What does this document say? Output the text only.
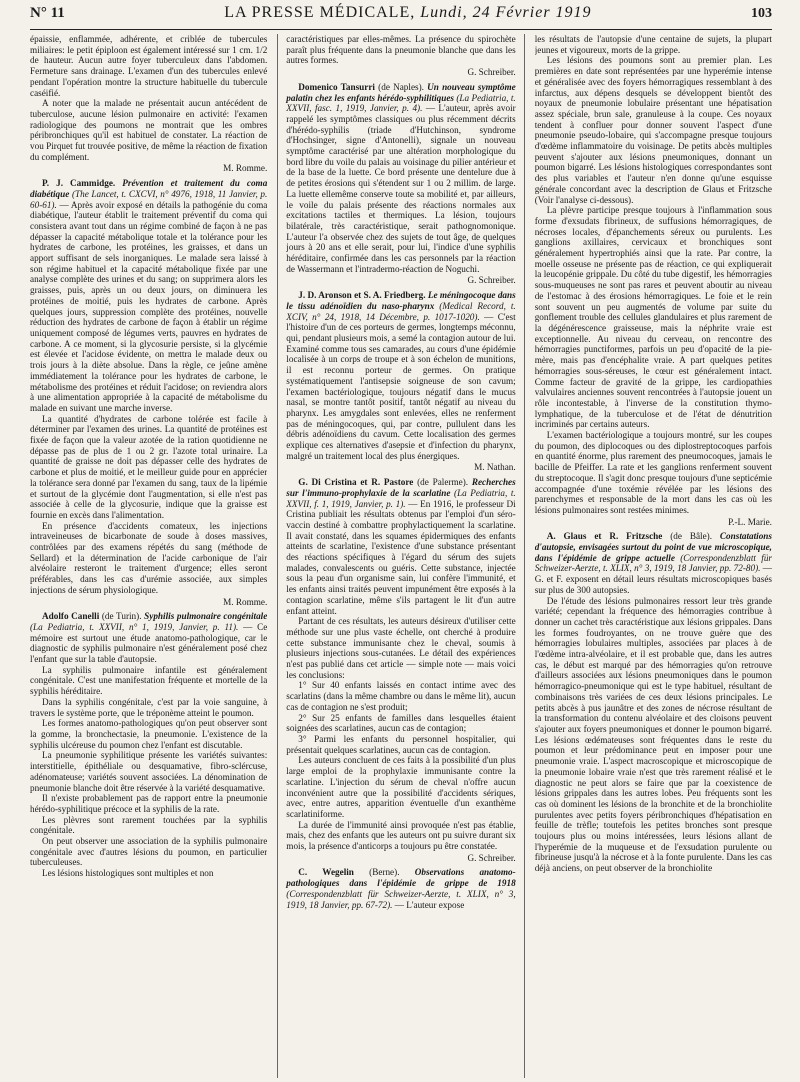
N° 11	LA PRESSE MÉDICALE, Lundi, 24 Février 1919	103

épaissie, enflammée, adhérente, et criblée de tubercules miliaires: le petit épiploon est également intéressé sur 1 cm. 1/2 de hauteur. Aucun autre foyer tuberculeux dans l'abdomen. Fermeture sans drainage. L'examen d'un des tubercules enlevé pendant l'opération montre la structure habituelle du tubercule caséifié.

A noter que la malade ne présentait aucun antécédent de tuberculose, aucune lésion pulmonaire en activité: l'examen radiologique des poumons ne montrait que les ombres péribronchiques qu'il est habituel de constater. La réaction de vou Pirquet fut trouvée positive, de même la réaction de fixation du complément.

M. Romme.

P. J. Cammidge. Prévention et traitement du coma diabétique (The Lancet, t. CXCVI, n° 4976, 1918, 11 Janvier, p. 60-61). — Après avoir exposé en détails la pathogénie du coma diabétique, l'auteur établit le traitement préventif du coma qui consistera avant tout dans un régime combiné de façon à ne pas dépasser la capacité métabolique totale et la tolérance pour les hydrates de carbone, les protéines, les graisses, et dans un apport suffisant de sels inorganiques. Le malade sera laissé à son régime habituel et la capacité métabolique fixée par une analyse complète des urines et du sang; on supprimera alors les graisses, puis, après un ou deux jours, on diminuera les protéines de moitié, puis les hydrates de carbone. Après quelques jours, suppression complète des protéines, nouvelle réduction des hydrates de carbone de façon à établir un régime uniquement composé de légumes verts, pauvres en hydrates de carbone. A ce moment, si la glycosurie persiste, si la glycémie est élevée et l'acidose évidente, on mettra le malade deux ou trois jours à la diète absolue. Dans la règle, ce jeûne amène immédiatement la tolérance pour les hydrates de carbone, le métabolisme des protéines et réduit l'acidose; on reviendra alors à une alimentation appropriée à la capacité de métabolisme du malade en suivant une marche inverse.

La quantité d'hydrates de carbone tolérée est facile à déterminer par l'examen des urines. La quantité de protéines est fixée de façon que la valeur azotée de la ration quotidienne ne dépasse pas de plus de 1 ou 2 gr. l'azote total urinaire. La quantité de graisse ne doit pas dépasser celle des hydrates de carbone et plus de moitié, et le meilleur guide pour en apprécier la tolérance sera donné par l'examen du sang, taux de la lipémie et surtout de la glycémie dont l'augmentation, si elle n'est pas associée à celle de la glycosurie, indique que la graisse est fournie en excès dans l'alimentation.

En présence d'accidents comateux, les injections intraveineuses de bicarbonate de soude à doses massives, contrôlées par des examens répétés du sang (méthode de Sellard) et la détermination de l'acide carbonique de l'air alvéolaire resteront le traitement d'urgence; elles seront préférables, dans les cas d'urémie associée, aux simples injections de sérum physiologique.

M. Romme.

Adolfo Canelli (de Turin). Syphilis pulmonaire congénitale (La Pediatria, t. XXVII, n° 1, 1919, Janvier, p. 11). — Ce mémoire est surtout une étude anatomo-pathologique, car le diagnostic de syphilis pulmonaire n'est généralement posé chez l'enfant que sur la table d'autopsie.

La syphilis pulmonaire infantile est généralement congénitale. C'est une manifestation fréquente et mortelle de la syphilis héréditaire.

Dans la syphilis congénitale, c'est par la voie sanguine, à travers le système porte, que le tréponème atteint le poumon.

Les formes anatomo-pathologiques qu'on peut observer sont la gomme, la bronchectasie, la pneumonie. L'existence de la syphilis ulcéreuse du poumon chez l'enfant est discutable.

La pneumonie syphilitique présente les variétés suivantes: interstitielle, épithéliale ou desquamative, fibro-sclércuse, adénomateuse; variétés souvent associées. La dénomination de pneumonie blanche doit être réservée à la variété desquamative.

Il n'existe probablement pas de rapport entre la pneumonie hérédo-syphilitique précoce et la syphilis de la rate.

Les plèvres sont rarement touchées par la syphilis congénitale.

On peut observer une association de la syphilis pulmonaire congénitale avec d'autres lésions du poumon, en particulier tuberculeuses.

Les lésions histologiques sont multiples et non

caractéristiques par elles-mêmes. La présence du spirochète paraît plus fréquente dans la pneumonie blanche que dans les autres formes.

G. Schreiber.

Domenico Tansurri (de Naples). Un nouveau symptôme palatin chez les enfants hérédo-syphilitiques (La Pediatria, t. XXVII, fasc. 1, 1919, Janvier, p. 4). — L'auteur, après avoir rappelé les symptômes classiques ou plus récemment décrits d'hérédo-syphilis (triade d'Hutchinson, syndrome d'Hochsinger, signe d'Antonelli), signale un nouveau symptôme caractérisé par une altération morphologique du bord libre du voile du palais au voisinage du pilier antérieur et de la base de la luette. Ce bord présente une dentelure due à de petites érosions qui s'étendent sur 1 ou 2 millim. de large. La luette ellemême conserve toute sa mobilité et, par ailleurs, le voile du palais présente des réactions normales aux excitations tactiles et thermiques. La lésion, toujours bilatérale, très caractéristique, serait pathognomonique. L'auteur l'a observée chez des sujets de tout âge, de quelques jours à 20 ans et elle serait, pour lui, l'indice d'une syphilis héréditaire, confirmée dans les cas personnels par la réaction de Wassermann et l'intradermo-réaction de Noguchi.

G. Schreiber.

J. D. Aronson et S. A. Friedberg. Le méningocoque dans le tissu adénoïdien du naso-pharynx (Medical Record, t. XCIV, n° 24, 1918, 14 Décembre, p. 1017-1020). — C'est l'histoire d'un de ces porteurs de germes, longtemps méconnu, qui, pendant plusieurs mois, a semé la contagion autour de lui. Examiné comme tous ses camarades, au cours d'une épidémie localisée à un corps de troupe et à son échelon de munitions, il est reconnu porteur de germes. On pratique systématiquement l'antisepsie soigneuse de son cavum; l'examen bactériologique, toujours négatif dans le mucus nasal, se montre tantôt positif, tantôt négatif au niveau du pharynx. Les amygdales sont enlevées, elles ne renferment pas de méningocoques, qui, par contre, pullulent dans les débris adénoïdiens du cavum. Cette localisation des germes explique ces alternatives d'asepsie et d'infection du pharynx, malgré un traitement local des plus énergiques.

M. Nathan.

G. Di Cristina et R. Pastore (de Palerme). Recherches sur l'immuno-prophylaxie de la scarlatine (La Pediatria, t. XXVII, f. 1, 1919, Janvier, p. 1). — En 1916, le professeur Di Cristina publiait les résultats obtenus par l'emploi d'un séro-vaccin destiné à combattre prophylactiquement la scarlatine. Il avait constaté, dans les squames épidermiques des enfants atteints de scarlatine, l'existence d'une substance présentant des réactions spécifiques à l'égard du sérum des sujets malades, convalescents ou guéris. Cette substance, injectée sous la peau d'un organisme sain, lui confère l'immunité, et les enfants ainsi traités peuvent impunément être exposés à la contagion scarlatine, même s'ils partagent le lit d'un autre enfant atteint.

Partant de ces résultats, les auteurs désireux d'utiliser cette méthode sur une plus vaste échelle, ont cherché à produire cette substance immunisante chez le cheval, soumis à plusieurs injections sous-cutanées. Le détail des expériences n'est pas publié dans cet article — simple note — mais voici les conclusions:

1° Sur 40 enfants laissés en contact intime avec des scarlatins (dans la même chambre ou dans le même lit), aucun cas de contagion ne s'est produit;

2° Sur 25 enfants de familles dans lesquelles étaient soignées des scarlatines, aucun cas de contagion;

3° Parmi les enfants du personnel hospitalier, qui présentait quelques scarlatines, aucun cas de contagion.

Les auteurs concluent de ces faits à la possibilité d'un plus large emploi de la prophylaxie immunisante contre la scarlatine. L'injection du sérum de cheval n'offre aucun inconvénient autre que la possibilité d'accidents sériques, avec, entre autres, apparition éventuelle d'un exanthème scarlatiniforme.

La durée de l'immunité ainsi provoquée n'est pas établie, mais, chez des enfants que les auteurs ont pu suivre durant six mois, la présence d'anticorps a toujours pu être constatée.

G. Schreiber.

C. Wegelin (Berne). Observations anatomo-pathologiques dans l'épidémie de grippe de 1918 (Correspondenzblatt für Schweizer-Aerzte, t. XLIX, n° 3, 1919, 18 Janvier, pp. 67-72). — L'auteur expose

les résultats de l'autopsie d'une centaine de sujets, la plupart jeunes et vigoureux, morts de la grippe.

Les lésions des poumons sont au premier plan. Les premières en date sont représentées par une hyperémie intense et généralisée avec des foyers hémorragiques ressemblant à des infarctus, aux dépens desquels se développent bientôt des noyaux de pneumonie lobulaire présentant une hépatisation assez spéciale, brun sale, granuleuse à la coupe. Ces noyaux tendent à confluer pour donner souvent l'aspect d'une pneumonie pseudo-lobaire, qui s'accompagne presque toujours d'œdème inflammatoire du voisinage. De petits abcès multiples peuvent s'ajouter aux lésions pneumoniques, donnant un poumon bigarré. Les lésions histologiques correspondantes sont des plus variables et l'auteur n'en donne qu'une esquisse générale concordant avec la description de Glaus et Fritzsche (Voir l'analyse ci-dessous).

La plèvre participe presque toujours à l'inflammation sous forme d'exsudats fibrineux, de suffusions hémorragiques, de nécroses locales, d'épanchements séreux ou purulents. Les ganglions axillaires, cervicaux et bronchiques sont généralement hypertrophiés ainsi que la rate. Par contre, la moelle osseuse ne présente pas de réaction, ce qui expliquerait la leucopénie grippale. Du côté du tube digestif, les hémorragies sous-muqueuses ne sont pas rares et peuvent aboutir au niveau de l'estomac à des érosions hémorragiques. Le foie et le rein sont souvent un peu augmentés de volume par suite du gonflement trouble des cellules glandulaires et plus rarement de la dégénérescence graisseuse, mais la néphrite vraie est exceptionnelle. Au niveau du cerveau, on rencontre des hémorragies punctiformes, parfois un peu d'opacité de la pie-mère, mais pas d'encéphalite vraie. A part quelques petites hémorragies sous-séreuses, le cœur est généralement intact. Comme facteur de gravité de la grippe, les cardiopathies valvulaires anciennes souvent rencontrées à l'autopsie jouent un rôle incontestable, à l'inverse de la constitution thymo-lymphatique, de la tuberculose et de l'état de dénutrition incriminés par certains auteurs.

L'examen bactériologique a toujours montré, sur les coupes du poumon, des diplocoques ou des diplostreptocoques parfois en quantité énorme, plus rarement des pneumocoques, jamais le bacille de Pfeiffer. La rate et les ganglions renferment souvent du streptocoque. Il s'agit donc presque toujours d'une septicémie accompagnée d'une toxémie révélée par les lésions des parenchymes et responsable de la mort dans les cas où les lésions pulmonaires sont restées minimes.

P.-L. Marie.

A. Glaus et R. Fritzsche (de Bâle). Constatations d'autopsie, envisagées surtout du point de vue microscopique, dans l'épidémie de grippe actuelle (Correspondenzblatt für Schweizer-Aerzte, t. XLIX, n° 3, 1919, 18 Janvier, pp. 72-80). — G. et F. exposent en détail leurs résultats microscopiques basés sur plus de 300 autopsies.

De l'étude des lésions pulmonaires ressort leur très grande variété; cependant la fréquence des hémorragies contribue à donner un cachet très caractéristique aux lésions grippales. Dans les formes foudroyantes, on ne trouve guère que des hémorragies lobulaires multiples, associées par places à de l'œdème intra-alvéolaire, et il est probable que, dans les autres cas, le début est marqué par des hémorragies qu'on retrouve d'ailleurs associées aux lésions pneumoniques dans le poumon hémorragico-pneumonique qui est le type habituel, résultant de combinaisons très variées de ces deux lésions principales. Le petits abcès à pus jaunâtre et des zones de nécrose résultant de la transformation du contenu alvéolaire et des cloisons peuvent s'ajouter aux foyers pneumoniques et donner le poumon bigarré. Les lésions œdémateuses sont fréquentes dans le reste du poumon et leur prédominance peut en imposer pour une pneumonie vraie. L'aspect macroscopique et microscopique de la pneumonie lobaire vraie n'est que très rarement réalisé et le diagnostic ne peut alors se faire que par la coexistence de lésions grippales dans les autres lobes. Peu fréquents sont les cas où dominent les lésions de la bronchite et de la bronchiolite purulentes avec petits foyers péribronchiques d'hépatisation en feuille de trèfle; toutefois les petites bronches sont presque toujours plus ou moins intéressées, leurs lésions allant de l'hyperémie de la muqueuse et de l'exsudation purulente ou fibrineuse jusqu'à la nécrose et à la fonte purulente. Dans les cas déjà anciens, on peut observer de la bronchiolite
